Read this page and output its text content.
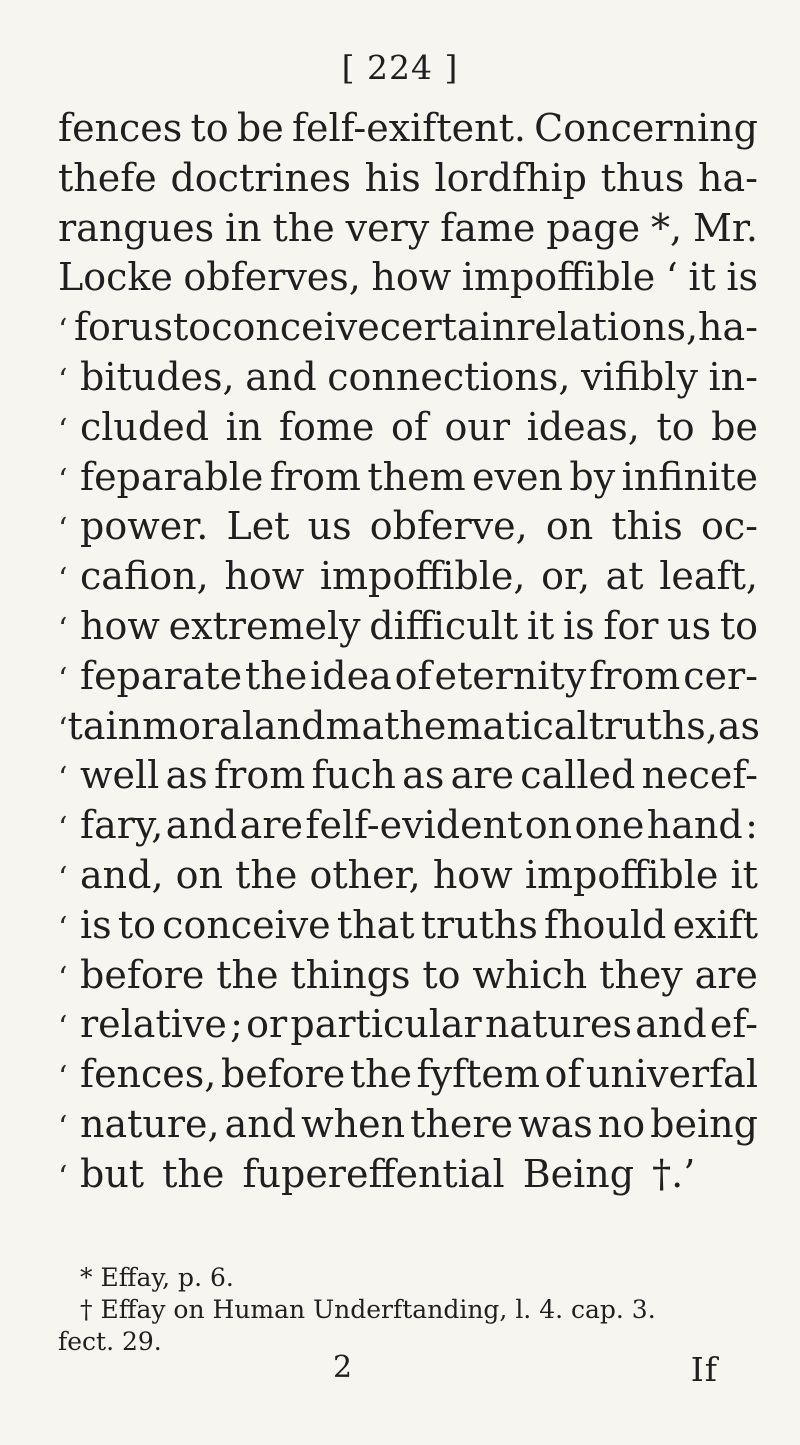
[ 224 ]
fences to be felf-exiftent. Concerning
thefe doctrines his lordfhip thus ha-
rangues in the very fame page *, Mr.
Locke obferves, how impoffible ‘ it is
‘ for us to conceive certain relations, ha-
‘ bitudes, and connections, vifibly in-
‘ cluded in fome of our ideas, to be
‘ feparable from them even by infinite
‘ power. Let us obferve, on this oc-
‘ cafion, how impoffible, or, at leaft,
‘ how extremely difficult it is for us to
‘ feparate the idea of eternity from cer-
‘ tain moral and mathematical truths, as
‘ well as from fuch as are called necef-
‘ fary, and are felf-evident on one hand :
‘ and, on the other, how impoffible it
‘ is to conceive that truths fhould exift
‘ before the things to which they are
‘ relative ; or particular natures and ef-
‘ fences, before the fyftem of univerfal
‘ nature, and when there was no being
‘ but the fupereffential Being †.’
* Effay, p. 6.
† Effay on Human Underftanding, l. 4. cap. 3.
fect. 29.
2	If
